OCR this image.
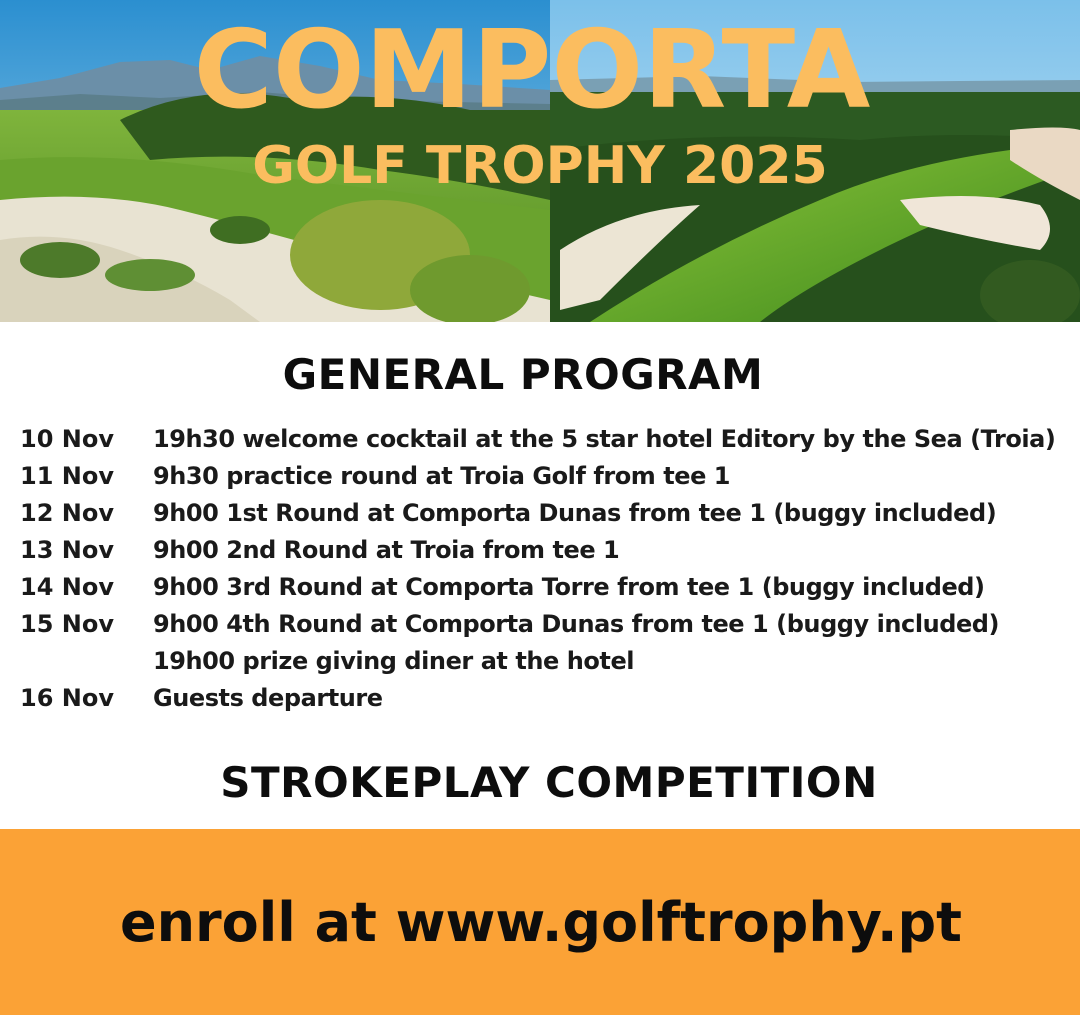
COMPORTA
GOLF TROPHY 2025
GENERAL PROGRAM
10 Nov 19h30 welcome cocktail at the 5 star hotel Editory by the Sea (Troia)
11 Nov 9h30 practice round at Troia Golf from tee 1
12 Nov 9h00 1st Round at Comporta Dunas from tee 1 (buggy included)
13 Nov 9h00 2nd Round at Troia from tee 1
14 Nov 9h00 3rd Round at Comporta Torre from tee 1 (buggy included)
15 Nov 9h00 4th Round at Comporta Dunas from tee 1 (buggy included)
19h00 prize giving diner at the hotel
16 Nov Guests departure
STROKEPLAY COMPETITION
enroll at www.golftrophy.pt
